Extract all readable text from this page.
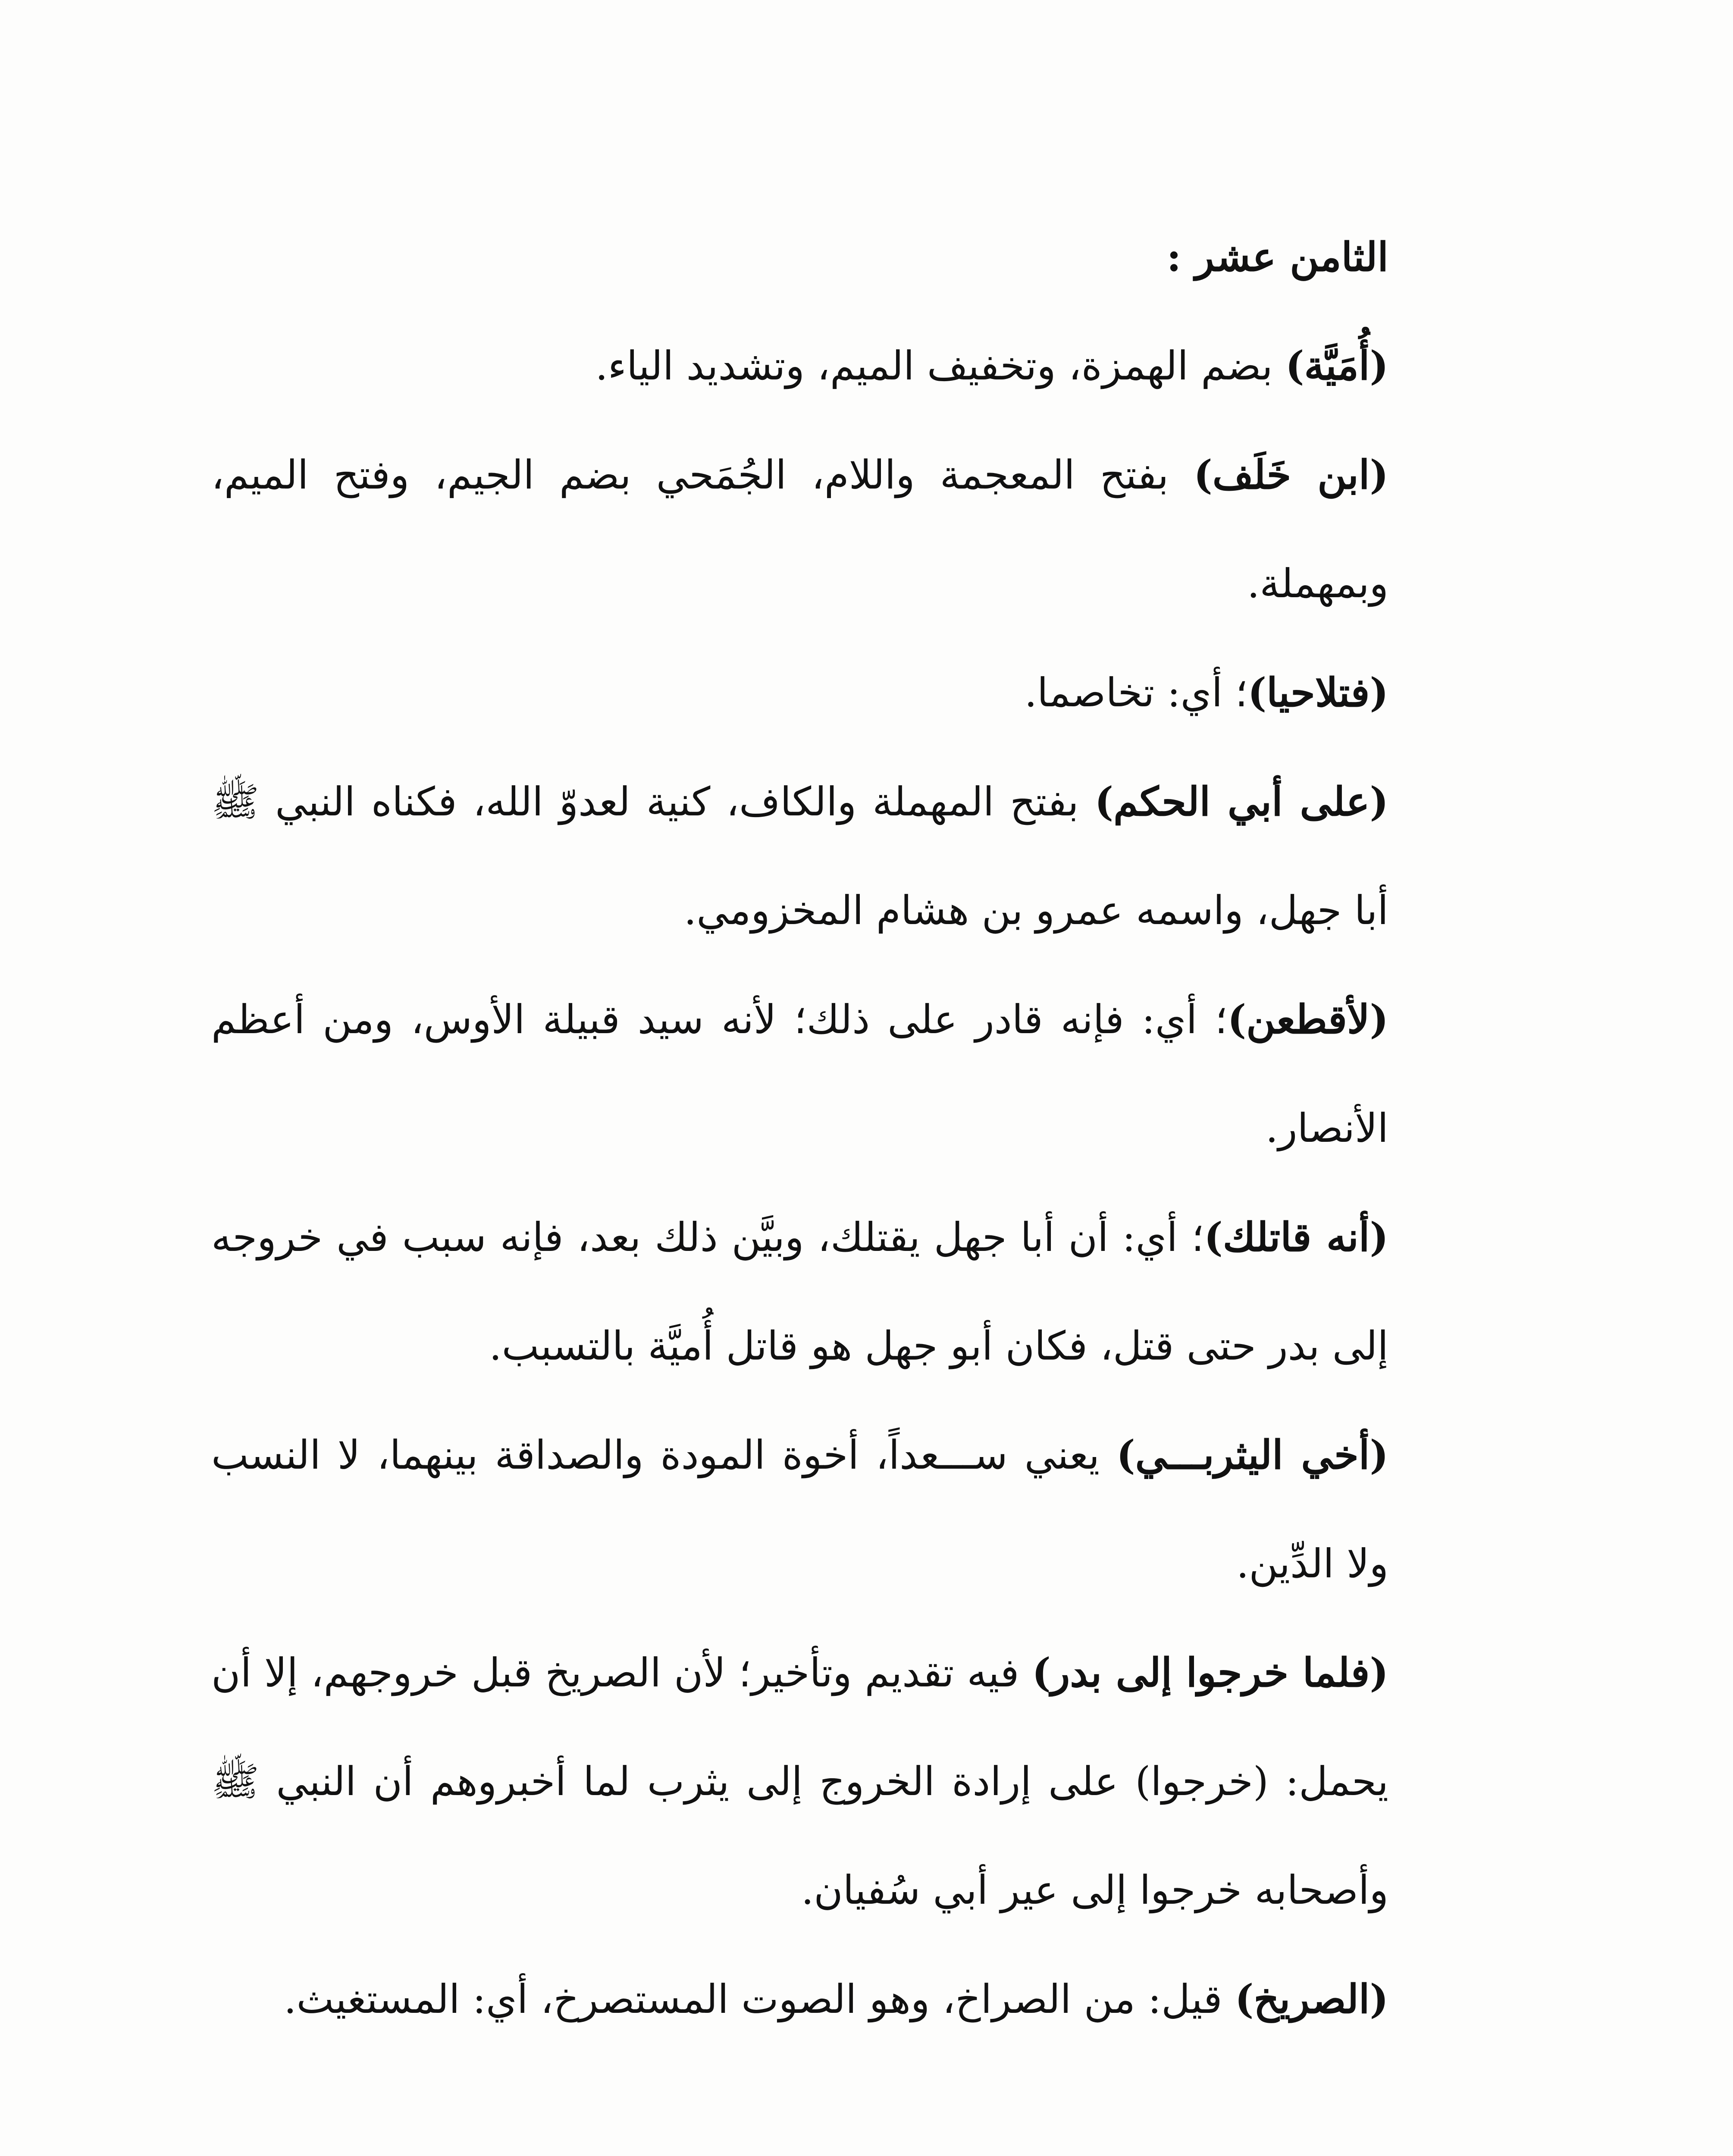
الثامن عشر :

(أُمَيَّة) بضم الهمزة، وتخفيف الميم، وتشديد الياء.

(ابن خَلَف) بفتح المعجمة واللام، الجُمَحي بضم الجيم، وفتح الميم، وبمهملة.

(فتلاحيا)؛ أي: تخاصما.

(على أبي الحكم) بفتح المهملة والكاف، كنية لعدوّ الله، فكناه النبي ﷺ أبا جهل، واسمه عمرو بن هشام المخزومي.

(لأقطعن)؛ أي: فإنه قادر على ذلك؛ لأنه سيد قبيلة الأوس، ومن أعظم الأنصار.

(أنه قاتلك)؛ أي: أن أبا جهل يقتلك، وبيَّن ذلك بعد، فإنه سبب في خروجه إلى بدر حتى قتل، فكان أبو جهل هو قاتل أُميَّة بالتسبب.

(أخي اليثربـــي) يعني ســـعداً، أخوة المودة والصداقة بينهما، لا النسب ولا الدِّين.

(فلما خرجوا إلى بدر) فيه تقديم وتأخير؛ لأن الصريخ قبل خروجهم، إلا أن يحمل: (خرجوا) على إرادة الخروج إلى يثرب لما أخبروهم أن النبي ﷺ وأصحابه خرجوا إلى عير أبي سُفيان.

(الصريخ) قيل: من الصراخ، وهو الصوت المستصرخ، أي: المستغيث.
